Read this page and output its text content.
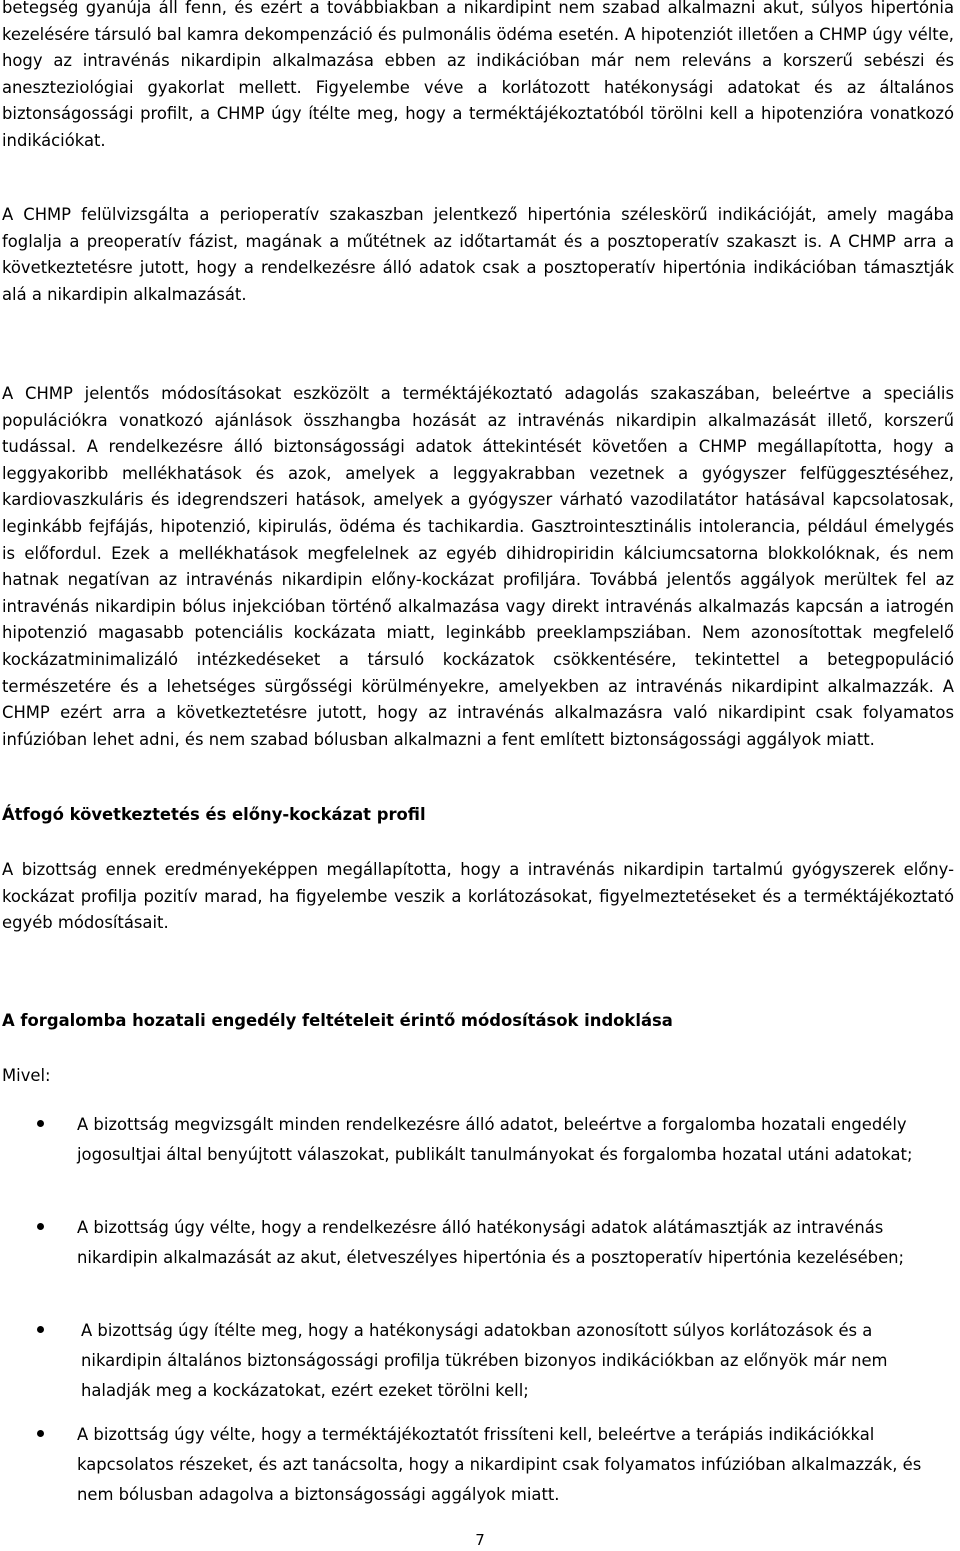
betegség gyanúja áll fenn, és ezért a továbbiakban a nikardipint nem szabad alkalmazni akut, súlyos hipertónia kezelésére társuló bal kamra dekompenzáció és pulmonális ödéma esetén. A hipotenziót illetően a CHMP úgy vélte, hogy az intravénás nikardipin alkalmazása ebben az indikációban már nem releváns a korszerű sebészi és aneszteziológiai gyakorlat mellett. Figyelembe véve a korlátozott hatékonysági adatokat és az általános biztonságossági profilt, a CHMP úgy ítélte meg, hogy a terméktájékoztatóból törölni kell a hipotenzióra vonatkozó indikációkat.

A CHMP felülvizsgálta a perioperatív szakaszban jelentkező hipertónia széleskörű indikációját, amely magába foglalja a preoperatív fázist, magának a műtétnek az időtartamát és a posztoperatív szakaszt is. A CHMP arra a következtetésre jutott, hogy a rendelkezésre álló adatok csak a posztoperatív hipertónia indikációban támasztják alá a nikardipin alkalmazását.

A CHMP jelentős módosításokat eszközölt a terméktájékoztató adagolás szakaszában, beleértve a speciális populációkra vonatkozó ajánlások összhangba hozását az intravénás nikardipin alkalmazását illető, korszerű tudással. A rendelkezésre álló biztonságossági adatok áttekintését követően a CHMP megállapította, hogy a leggyakoribb mellékhatások és azok, amelyek a leggyakrabban vezetnek a gyógyszer felfüggesztéséhez, kardiovaszkuláris és idegrendszeri hatások, amelyek a gyógyszer várható vazodilatátor hatásával kapcsolatosak, leginkább fejfájás, hipotenzió, kipirulás, ödéma és tachikardia. Gasztrointesztinális intolerancia, például émelygés is előfordul. Ezek a mellékhatások megfelelnek az egyéb dihidropiridin kálciumcsatorna blokkolóknak, és nem hatnak negatívan az intravénás nikardipin előny-kockázat profiljára. Továbbá jelentős aggályok merültek fel az intravénás nikardipin bólus injekcióban történő alkalmazása vagy direkt intravénás alkalmazás kapcsán a iatrogén hipotenzió magasabb potenciális kockázata miatt, leginkább preeklampsziában. Nem azonosítottak megfelelő kockázatminimalizáló intézkedéseket a társuló kockázatok csökkentésére, tekintettel a betegpopuláció természetére és a lehetséges sürgősségi körülményekre, amelyekben az intravénás nikardipint alkalmazzák. A CHMP ezért arra a következtetésre jutott, hogy az intravénás alkalmazásra való nikardipint csak folyamatos infúzióban lehet adni, és nem szabad bólusban alkalmazni a fent említett biztonságossági aggályok miatt.

Átfogó következtetés és előny-kockázat profil

A bizottság ennek eredményeképpen megállapította, hogy a intravénás nikardipin tartalmú gyógyszerek előny-kockázat profilja pozitív marad, ha figyelembe veszik a korlátozásokat, figyelmeztetéseket és a terméktájékoztató egyéb módosításait.

A forgalomba hozatali engedély feltételeit érintő módosítások indoklása

Mivel:

A bizottság megvizsgált minden rendelkezésre álló adatot, beleértve a forgalomba hozatali engedély jogosultjai által benyújtott válaszokat, publikált tanulmányokat és forgalomba hozatal utáni adatokat;

A bizottság úgy vélte, hogy a rendelkezésre álló hatékonysági adatok alátámasztják az intravénás nikardipin alkalmazását az akut, életveszélyes hipertónia és a posztoperatív hipertónia kezelésében;

A bizottság úgy ítélte meg, hogy a hatékonysági adatokban azonosított súlyos korlátozások és a nikardipin általános biztonságossági profilja tükrében bizonyos indikációkban az előnyök már nem haladják meg a kockázatokat, ezért ezeket törölni kell;

A bizottság úgy vélte, hogy a terméktájékoztatót frissíteni kell, beleértve a terápiás indikációkkal kapcsolatos részeket, és azt tanácsolta, hogy a nikardipint csak folyamatos infúzióban alkalmazzák, és nem bólusban adagolva a biztonságossági aggályok miatt.

7
